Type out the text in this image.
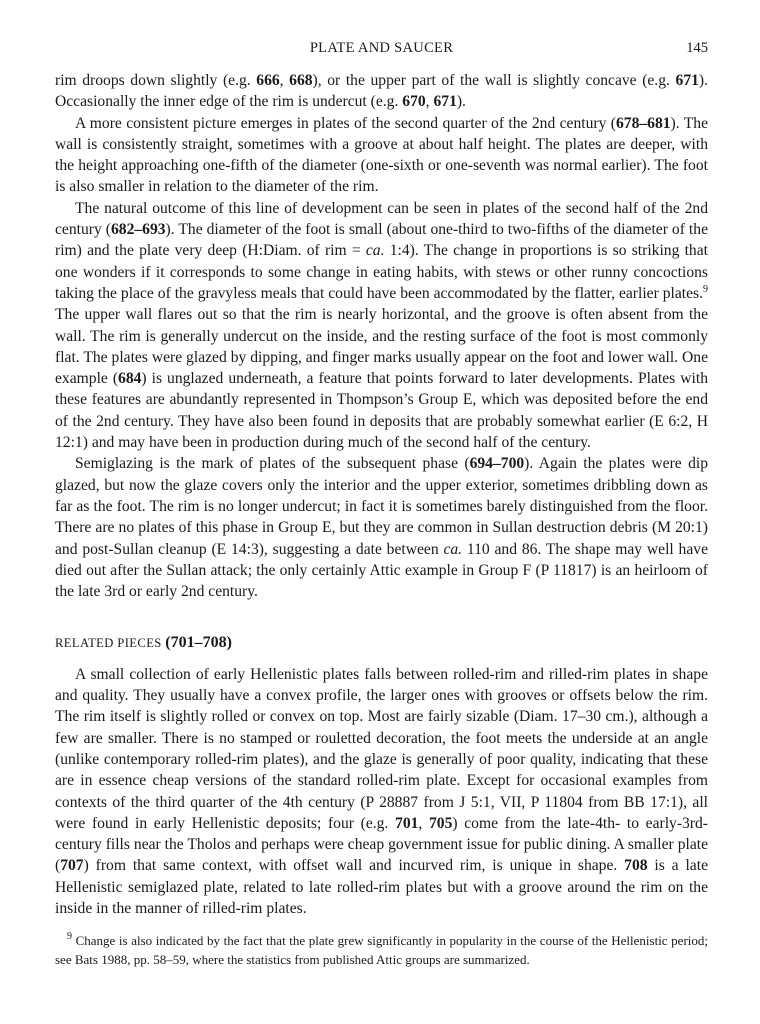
PLATE AND SAUCER	145

rim droops down slightly (e.g. 666, 668), or the upper part of the wall is slightly concave (e.g. 671). Occasionally the inner edge of the rim is undercut (e.g. 670, 671).

A more consistent picture emerges in plates of the second quarter of the 2nd century (678–681). The wall is consistently straight, sometimes with a groove at about half height. The plates are deeper, with the height approaching one-fifth of the diameter (one-sixth or one-seventh was normal earlier). The foot is also smaller in relation to the diameter of the rim.

The natural outcome of this line of development can be seen in plates of the second half of the 2nd century (682–693). The diameter of the foot is small (about one-third to two-fifths of the diameter of the rim) and the plate very deep (H:Diam. of rim = ca. 1:4). The change in proportions is so striking that one wonders if it corresponds to some change in eating habits, with stews or other runny concoctions taking the place of the gravyless meals that could have been accommodated by the flatter, earlier plates.$^9$ The upper wall flares out so that the rim is nearly horizontal, and the groove is often absent from the wall. The rim is generally undercut on the inside, and the resting surface of the foot is most commonly flat. The plates were glazed by dipping, and finger marks usually appear on the foot and lower wall. One example (684) is unglazed underneath, a feature that points forward to later developments. Plates with these features are abundantly represented in Thompson’s Group E, which was deposited before the end of the 2nd century. They have also been found in deposits that are probably somewhat earlier (E 6:2, H 12:1) and may have been in production during much of the second half of the century.

Semiglazing is the mark of plates of the subsequent phase (694–700). Again the plates were dip glazed, but now the glaze covers only the interior and the upper exterior, sometimes dribbling down as far as the foot. The rim is no longer undercut; in fact it is sometimes barely distinguished from the floor. There are no plates of this phase in Group E, but they are common in Sullan destruction debris (M 20:1) and post-Sullan cleanup (E 14:3), suggesting a date between ca. 110 and 86. The shape may well have died out after the Sullan attack; the only certainly Attic example in Group F (P 11817) is an heirloom of the late 3rd or early 2nd century.

RELATED PIECES (701–708)

A small collection of early Hellenistic plates falls between rolled-rim and rilled-rim plates in shape and quality. They usually have a convex profile, the larger ones with grooves or offsets below the rim. The rim itself is slightly rolled or convex on top. Most are fairly sizable (Diam. 17–30 cm.), although a few are smaller. There is no stamped or rouletted decoration, the foot meets the underside at an angle (unlike contemporary rolled-rim plates), and the glaze is generally of poor quality, indicating that these are in essence cheap versions of the standard rolled-rim plate. Except for occasional examples from contexts of the third quarter of the 4th century (P 28887 from J 5:1, VII, P 11804 from BB 17:1), all were found in early Hellenistic deposits; four (e.g. 701, 705) come from the late-4th- to early-3rd-century fills near the Tholos and perhaps were cheap government issue for public dining. A smaller plate (707) from that same context, with offset wall and incurved rim, is unique in shape. 708 is a late Hellenistic semiglazed plate, related to late rolled-rim plates but with a groove around the rim on the inside in the manner of rilled-rim plates.

$^9$ Change is also indicated by the fact that the plate grew significantly in popularity in the course of the Hellenistic period; see Bats 1988, pp. 58–59, where the statistics from published Attic groups are summarized.
